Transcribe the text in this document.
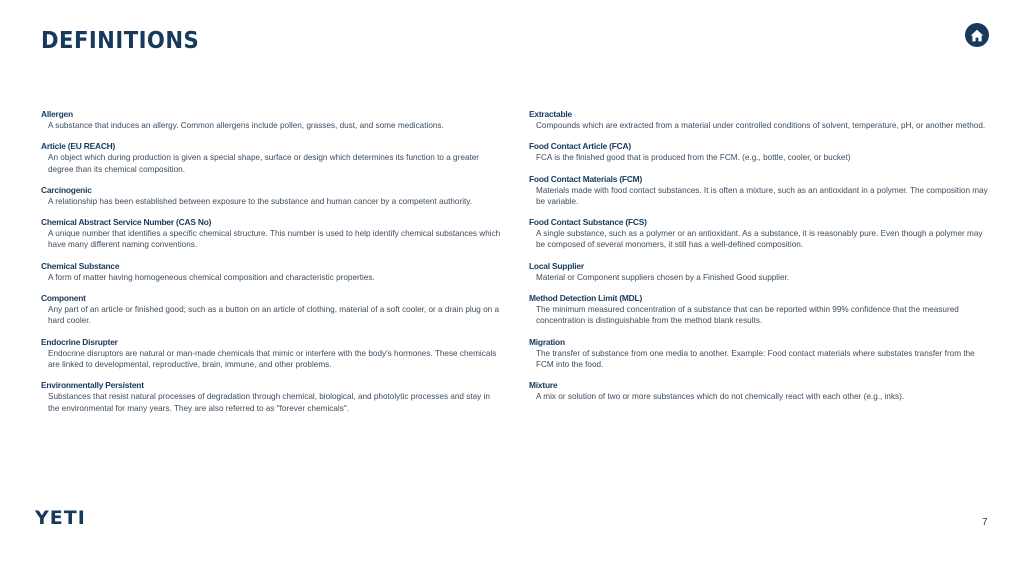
DEFINITIONS
Allergen
A substance that induces an allergy. Common allergens include pollen, grasses, dust, and some medications.
Article (EU REACH)
An object which during production is given a special shape, surface or design which determines its function to a greater degree than its chemical composition.
Carcinogenic
A relationship has been established between exposure to the substance and human cancer by a competent authority.
Chemical Abstract Service Number (CAS No)
A unique number that identifies a specific chemical structure. This number is used to help identify chemical substances which have many different naming conventions.
Chemical Substance
A form of matter having homogeneous chemical composition and characteristic properties.
Component
Any part of an article or finished good; such as a button on an article of clothing, material of a soft cooler, or a drain plug on a hard cooler.
Endocrine Disrupter
Endocrine disruptors are natural or man-made chemicals that mimic or interfere with the body's hormones. These chemicals are linked to developmental, reproductive, brain, immune, and other problems.
Environmentally Persistent
Substances that resist natural processes of degradation through chemical, biological, and photolytic processes and stay in the environmental for many years. They are also referred to as "forever chemicals".
Extractable
Compounds which are extracted from a material under controlled conditions of solvent, temperature, pH, or another method.
Food Contact Article (FCA)
FCA is the finished good that is produced from the FCM. (e.g., bottle, cooler, or bucket)
Food Contact Materials (FCM)
Materials made with food contact substances. It is often a mixture, such as an antioxidant in a polymer. The composition may be variable.
Food Contact Substance (FCS)
A single substance, such as a polymer or an antioxidant. As a substance, it is reasonably pure. Even though a polymer may be composed of several monomers, it still has a well-defined composition.
Local Supplier
Material or Component suppliers chosen by a Finished Good supplier.
Method Detection Limit (MDL)
The minimum measured concentration of a substance that can be reported within 99% confidence that the measured concentration is distinguishable from the method blank results.
Migration
The transfer of substance from one media to another. Example: Food contact materials where substates transfer from the FCM into the food.
Mixture
A mix or solution of two or more substances which do not chemically react with each other (e.g., inks).
YETI	7
